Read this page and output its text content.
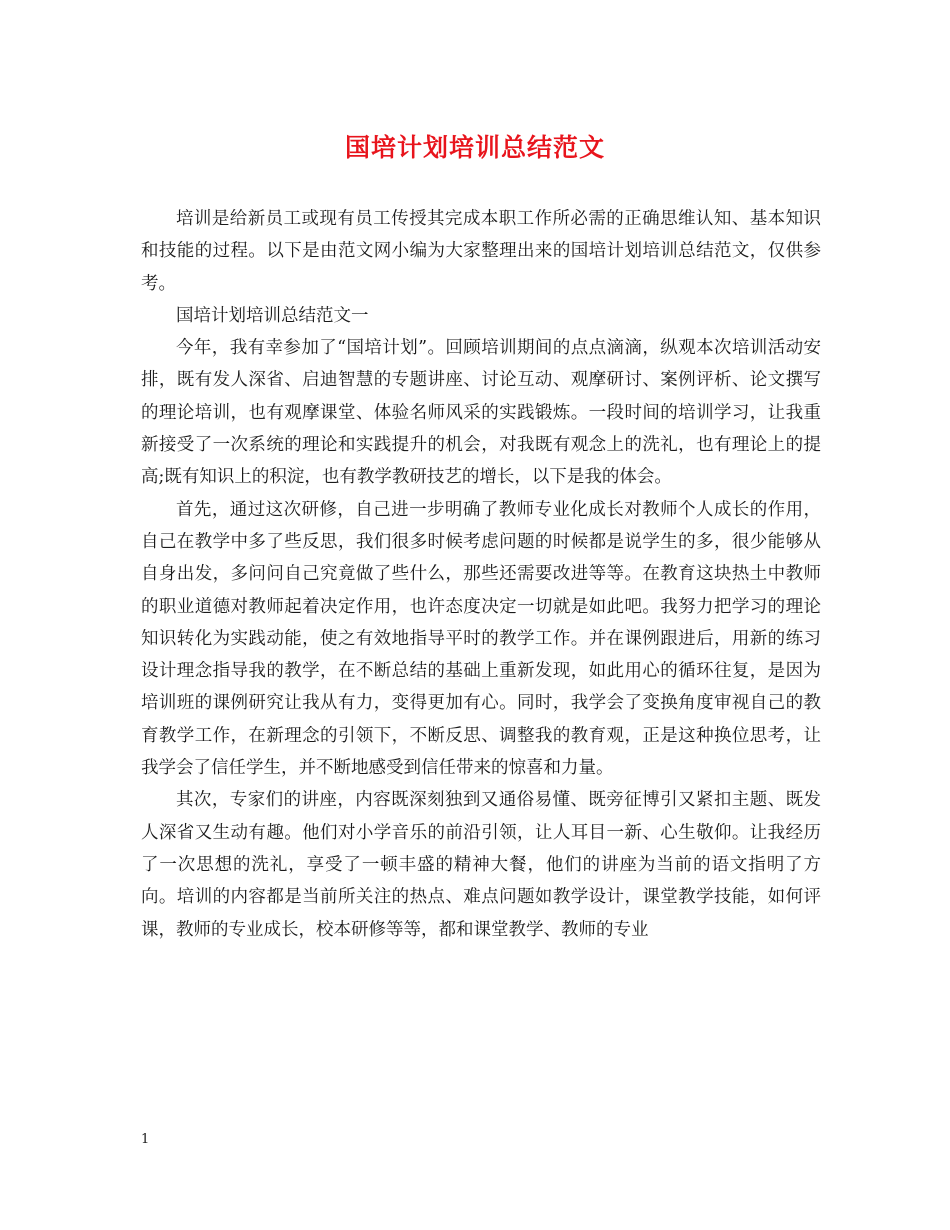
国培计划培训总结范文

培训是给新员工或现有员工传授其完成本职工作所必需的正确思维认知、基本知识和技能的过程。以下是由范文网小编为大家整理出来的国培计划培训总结范文，仅供参考。

国培计划培训总结范文一

今年，我有幸参加了“国培计划”。回顾培训期间的点点滴滴，纵观本次培训活动安排，既有发人深省、启迪智慧的专题讲座、讨论互动、观摩研讨、案例评析、论文撰写的理论培训，也有观摩课堂、体验名师风采的实践锻炼。一段时间的培训学习，让我重新接受了一次系统的理论和实践提升的机会，对我既有观念上的洗礼，也有理论上的提高;既有知识上的积淀，也有教学教研技艺的增长，以下是我的体会。

首先，通过这次研修，自己进一步明确了教师专业化成长对教师个人成长的作用，自己在教学中多了些反思，我们很多时候考虑问题的时候都是说学生的多，很少能够从自身出发，多问问自己究竟做了些什么，那些还需要改进等等。在教育这块热土中教师的职业道德对教师起着决定作用，也许态度决定一切就是如此吧。我努力把学习的理论知识转化为实践动能，使之有效地指导平时的教学工作。并在课例跟进后，用新的练习设计理念指导我的教学，在不断总结的基础上重新发现，如此用心的循环往复，是因为培训班的课例研究让我从有力，变得更加有心。同时，我学会了变换角度审视自己的教育教学工作，在新理念的引领下，不断反思、调整我的教育观，正是这种换位思考，让我学会了信任学生，并不断地感受到信任带来的惊喜和力量。

其次，专家们的讲座，内容既深刻独到又通俗易懂、既旁征博引又紧扣主题、既发人深省又生动有趣。他们对小学音乐的前沿引领，让人耳目一新、心生敬仰。让我经历了一次思想的洗礼，享受了一顿丰盛的精神大餐，他们的讲座为当前的语文指明了方向。培训的内容都是当前所关注的热点、难点问题如教学设计，课堂教学技能，如何评课，教师的专业成长，校本研修等等，都和课堂教学、教师的专业

1
